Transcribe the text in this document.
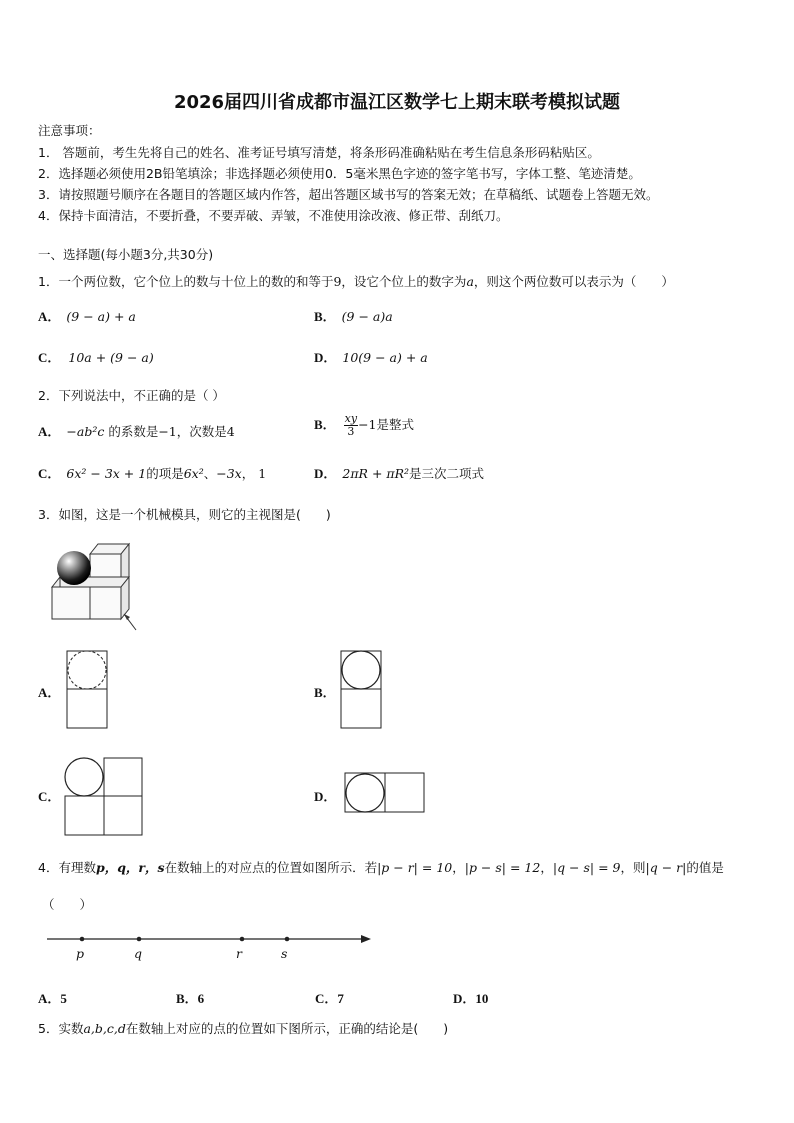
2026届四川省成都市温江区数学七上期末联考模拟试题
注意事项：
1． 答题前，考生先将自己的姓名、准考证号填写清楚，将条形码准确粘贴在考生信息条形码粘贴区。
2．选择题必须使用2B铅笔填涂；非选择题必须使用0．5毫米黑色字迹的签字笔书写，字体工整、笔迹清楚。
3．请按照题号顺序在各题目的答题区域内作答，超出答题区域书写的答案无效；在草稿纸、试题卷上答题无效。
4．保持卡面清洁，不要折叠，不要弄破、弄皱，不准使用涂改液、修正带、刮纸刀。
一、选择题(每小题3分,共30分)
1．一个两位数，它个位上的数与十位上的数的和等于9，设它个位上的数字为a，则这个两位数可以表示为（　　）
A． (9 − a) + a	B． (9 − a)a
C． 10a + (9 − a)	D． 10(9 − a) + a
2．下列说法中，不正确的是（ ）
A． −ab²c 的系数是−1，次数是4	B． $\frac{xy}{3} -1$是整式
C． 6x² − 3x + 1的项是6x²、−3x， 1	D． 2πR + πR²是三次二项式
3．如图，这是一个机械模具，则它的主视图是(　　)
A．	B．
C．	D．
4．有理数p，q，r，s在数轴上的对应点的位置如图所示．若|p − r| = 10，|p − s| = 12，|q − s| = 9，则|q − r|的值是
（　　）
p	q	r	s
A．5	B．6	C．7	D．10
5．实数a,b,c,d在数轴上对应的点的位置如下图所示，正确的结论是(　　)
